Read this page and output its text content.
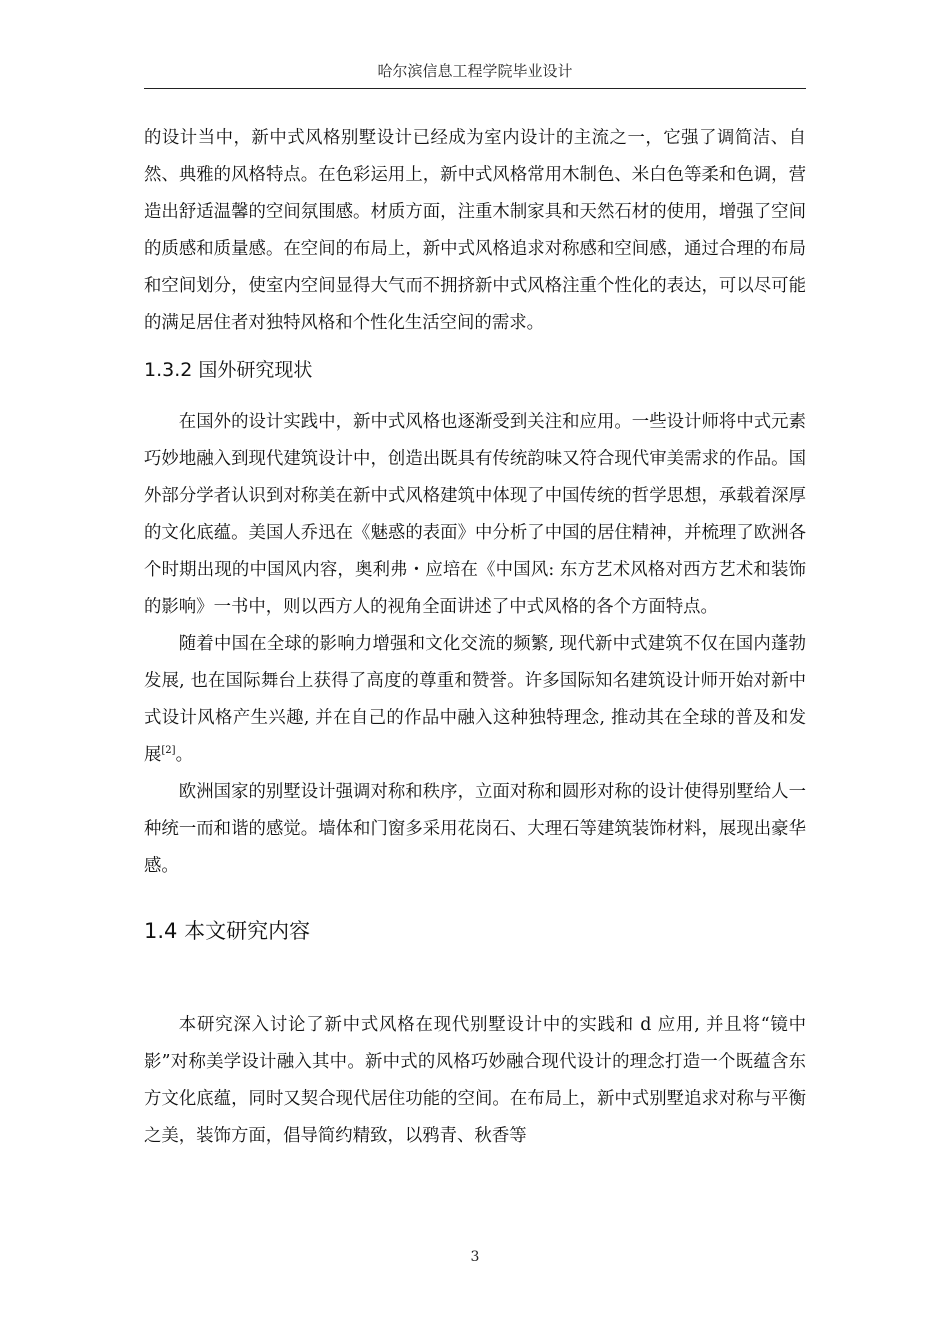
哈尔滨信息工程学院毕业设计

的设计当中，新中式风格别墅设计已经成为室内设计的主流之一，它强了调简洁、自然、典雅的风格特点。在色彩运用上，新中式风格常用木制色、米白色等柔和色调，营造出舒适温馨的空间氛围感。材质方面，注重木制家具和天然石材的使用，增强了空间的质感和质量感。在空间的布局上，新中式风格追求对称感和空间感，通过合理的布局和空间划分，使室内空间显得大气而不拥挤新中式风格注重个性化的表达，可以尽可能的满足居住者对独特风格和个性化生活空间的需求。

1.3.2 国外研究现状

在国外的设计实践中，新中式风格也逐渐受到关注和应用。一些设计师将中式元素巧妙地融入到现代建筑设计中，创造出既具有传统韵味又符合现代审美需求的作品。国外部分学者认识到对称美在新中式风格建筑中体现了中国传统的哲学思想，承载着深厚的文化底蕴。美国人乔迅在《魅惑的表面》中分析了中国的居住精神，并梳理了欧洲各个时期出现的中国风内容，奥利弗・应培在《中国风: 东方艺术风格对西方艺术和装饰的影响》一书中，则以西方人的视角全面讲述了中式风格的各个方面特点。

随着中国在全球的影响力增强和文化交流的频繁, 现代新中式建筑不仅在国内蓬勃发展, 也在国际舞台上获得了高度的尊重和赞誉。许多国际知名建筑设计师开始对新中式设计风格产生兴趣, 并在自己的作品中融入这种独特理念, 推动其在全球的普及和发展[2]。

欧洲国家的别墅设计强调对称和秩序，立面对称和圆形对称的设计使得别墅给人一种统一而和谐的感觉。墙体和门窗多采用花岗石、大理石等建筑装饰材料，展现出豪华感。

1.4 本文研究内容

本研究深入讨论了新中式风格在现代别墅设计中的实践和 d 应用, 并且将“镜中影”对称美学设计融入其中。新中式的风格巧妙融合现代设计的理念打造一个既蕴含东方文化底蕴，同时又契合现代居住功能的空间。在布局上，新中式别墅追求对称与平衡之美，装饰方面，倡导简约精致，以鸦青、秋香等

3
